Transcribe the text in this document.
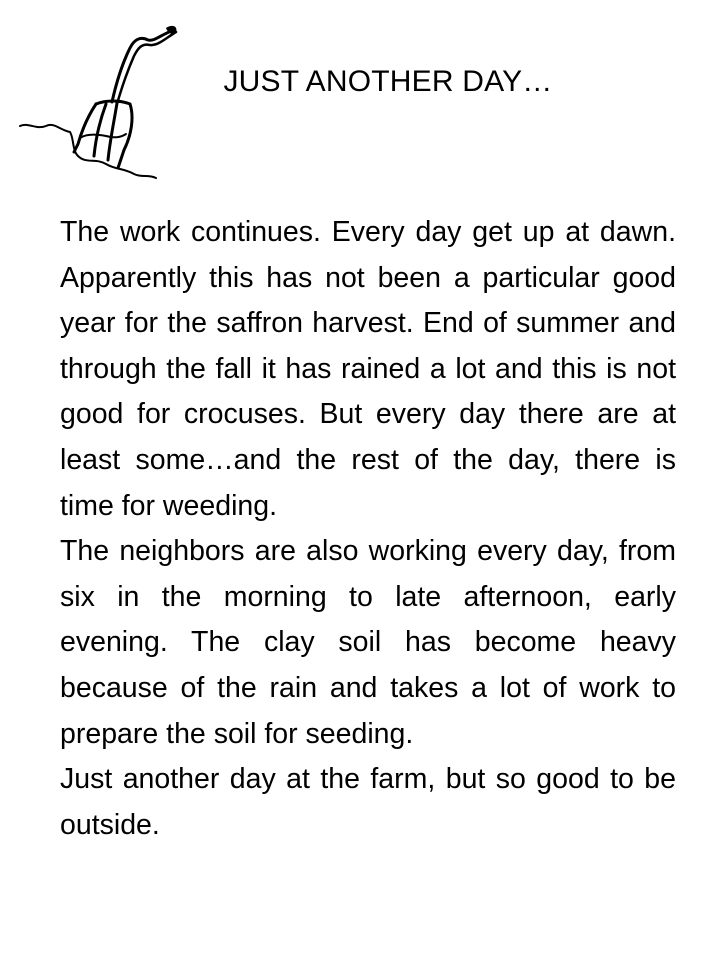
JUST ANOTHER DAY…

The work continues. Every day get up at dawn. Apparently this has not been a particular good year for the saffron harvest. End of summer and through the fall it has rained a lot and this is not good for crocuses. But every day there are at least some…and the rest of the day, there is time for weeding.

The neighbors are also working every day, from six in the morning to late afternoon, early evening. The clay soil has become heavy because of the rain and takes a lot of work to prepare the soil for seeding.

Just another day at the farm, but so good to be outside.
